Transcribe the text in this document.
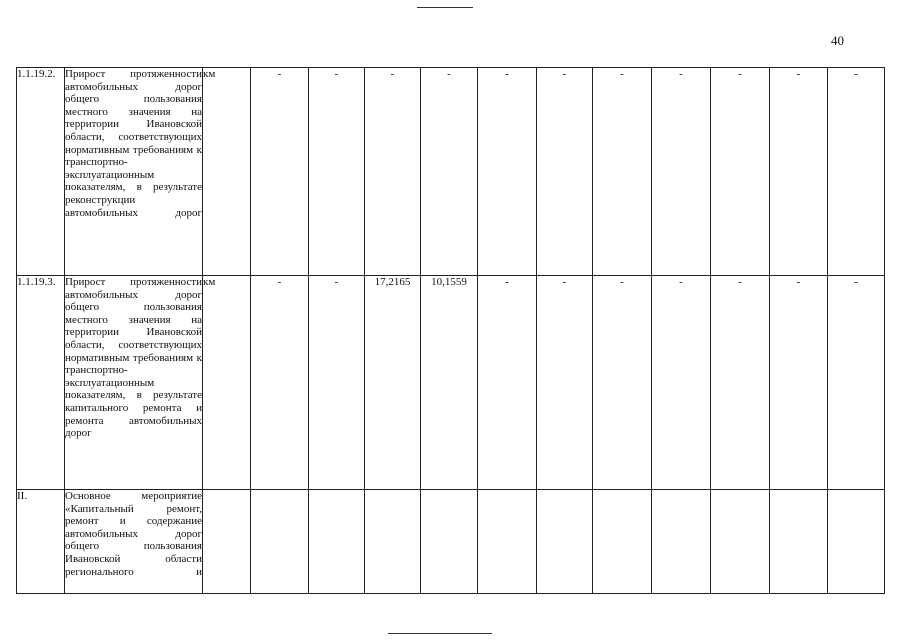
40
1.1.19.2.	Прирост протяженности автомобильных дорог общего пользования местного значения на территории Ивановской области, соответствующих нормативным требованиям к транспортно-эксплуатационным показателям, в результате реконструкции автомобильных дорог	км	-	-	-	-	-	-	-	-	-	-	-
1.1.19.3.	Прирост протяженности автомобильных дорог общего пользования местного значения на территории Ивановской области, соответствующих нормативным требованиям к транспортно-эксплуатационным показателям, в результате капитального ремонта и ремонта автомобильных дорог	км	-	-	17,2165	10,1559	-	-	-	-	-	-	-
II.	Основное мероприятие «Капитальный ремонт, ремонт и содержание автомобильных дорог общего пользования Ивановской области регионального и												
